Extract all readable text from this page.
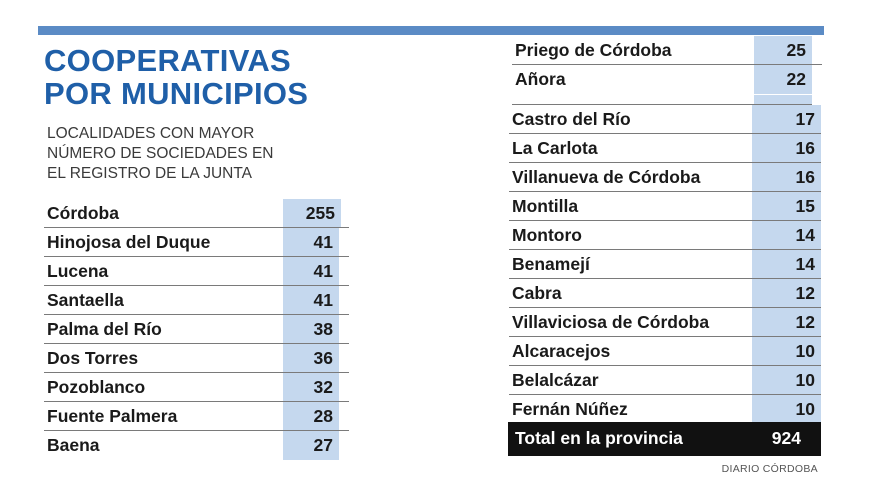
COOPERATIVAS
POR MUNICIPIOS
LOCALIDADES CON MAYOR
NÚMERO DE SOCIEDADES EN
EL REGISTRO DE LA JUNTA
Córdoba	255
Hinojosa del Duque	41
Lucena	41
Santaella	41
Palma del Río	38
Dos Torres	36
Pozoblanco	32
Fuente Palmera	28
Baena	27
Priego de Córdoba	25
Añora	22
Castro del Río	17
La Carlota	16
Villanueva de Córdoba	16
Montilla	15
Montoro	14
Benamejí	14
Cabra	12
Villaviciosa de Córdoba	12
Alcaracejos	10
Belalcázar	10
Fernán Núñez	10
Total en la provincia	924
DIARIO CÓRDOBA
